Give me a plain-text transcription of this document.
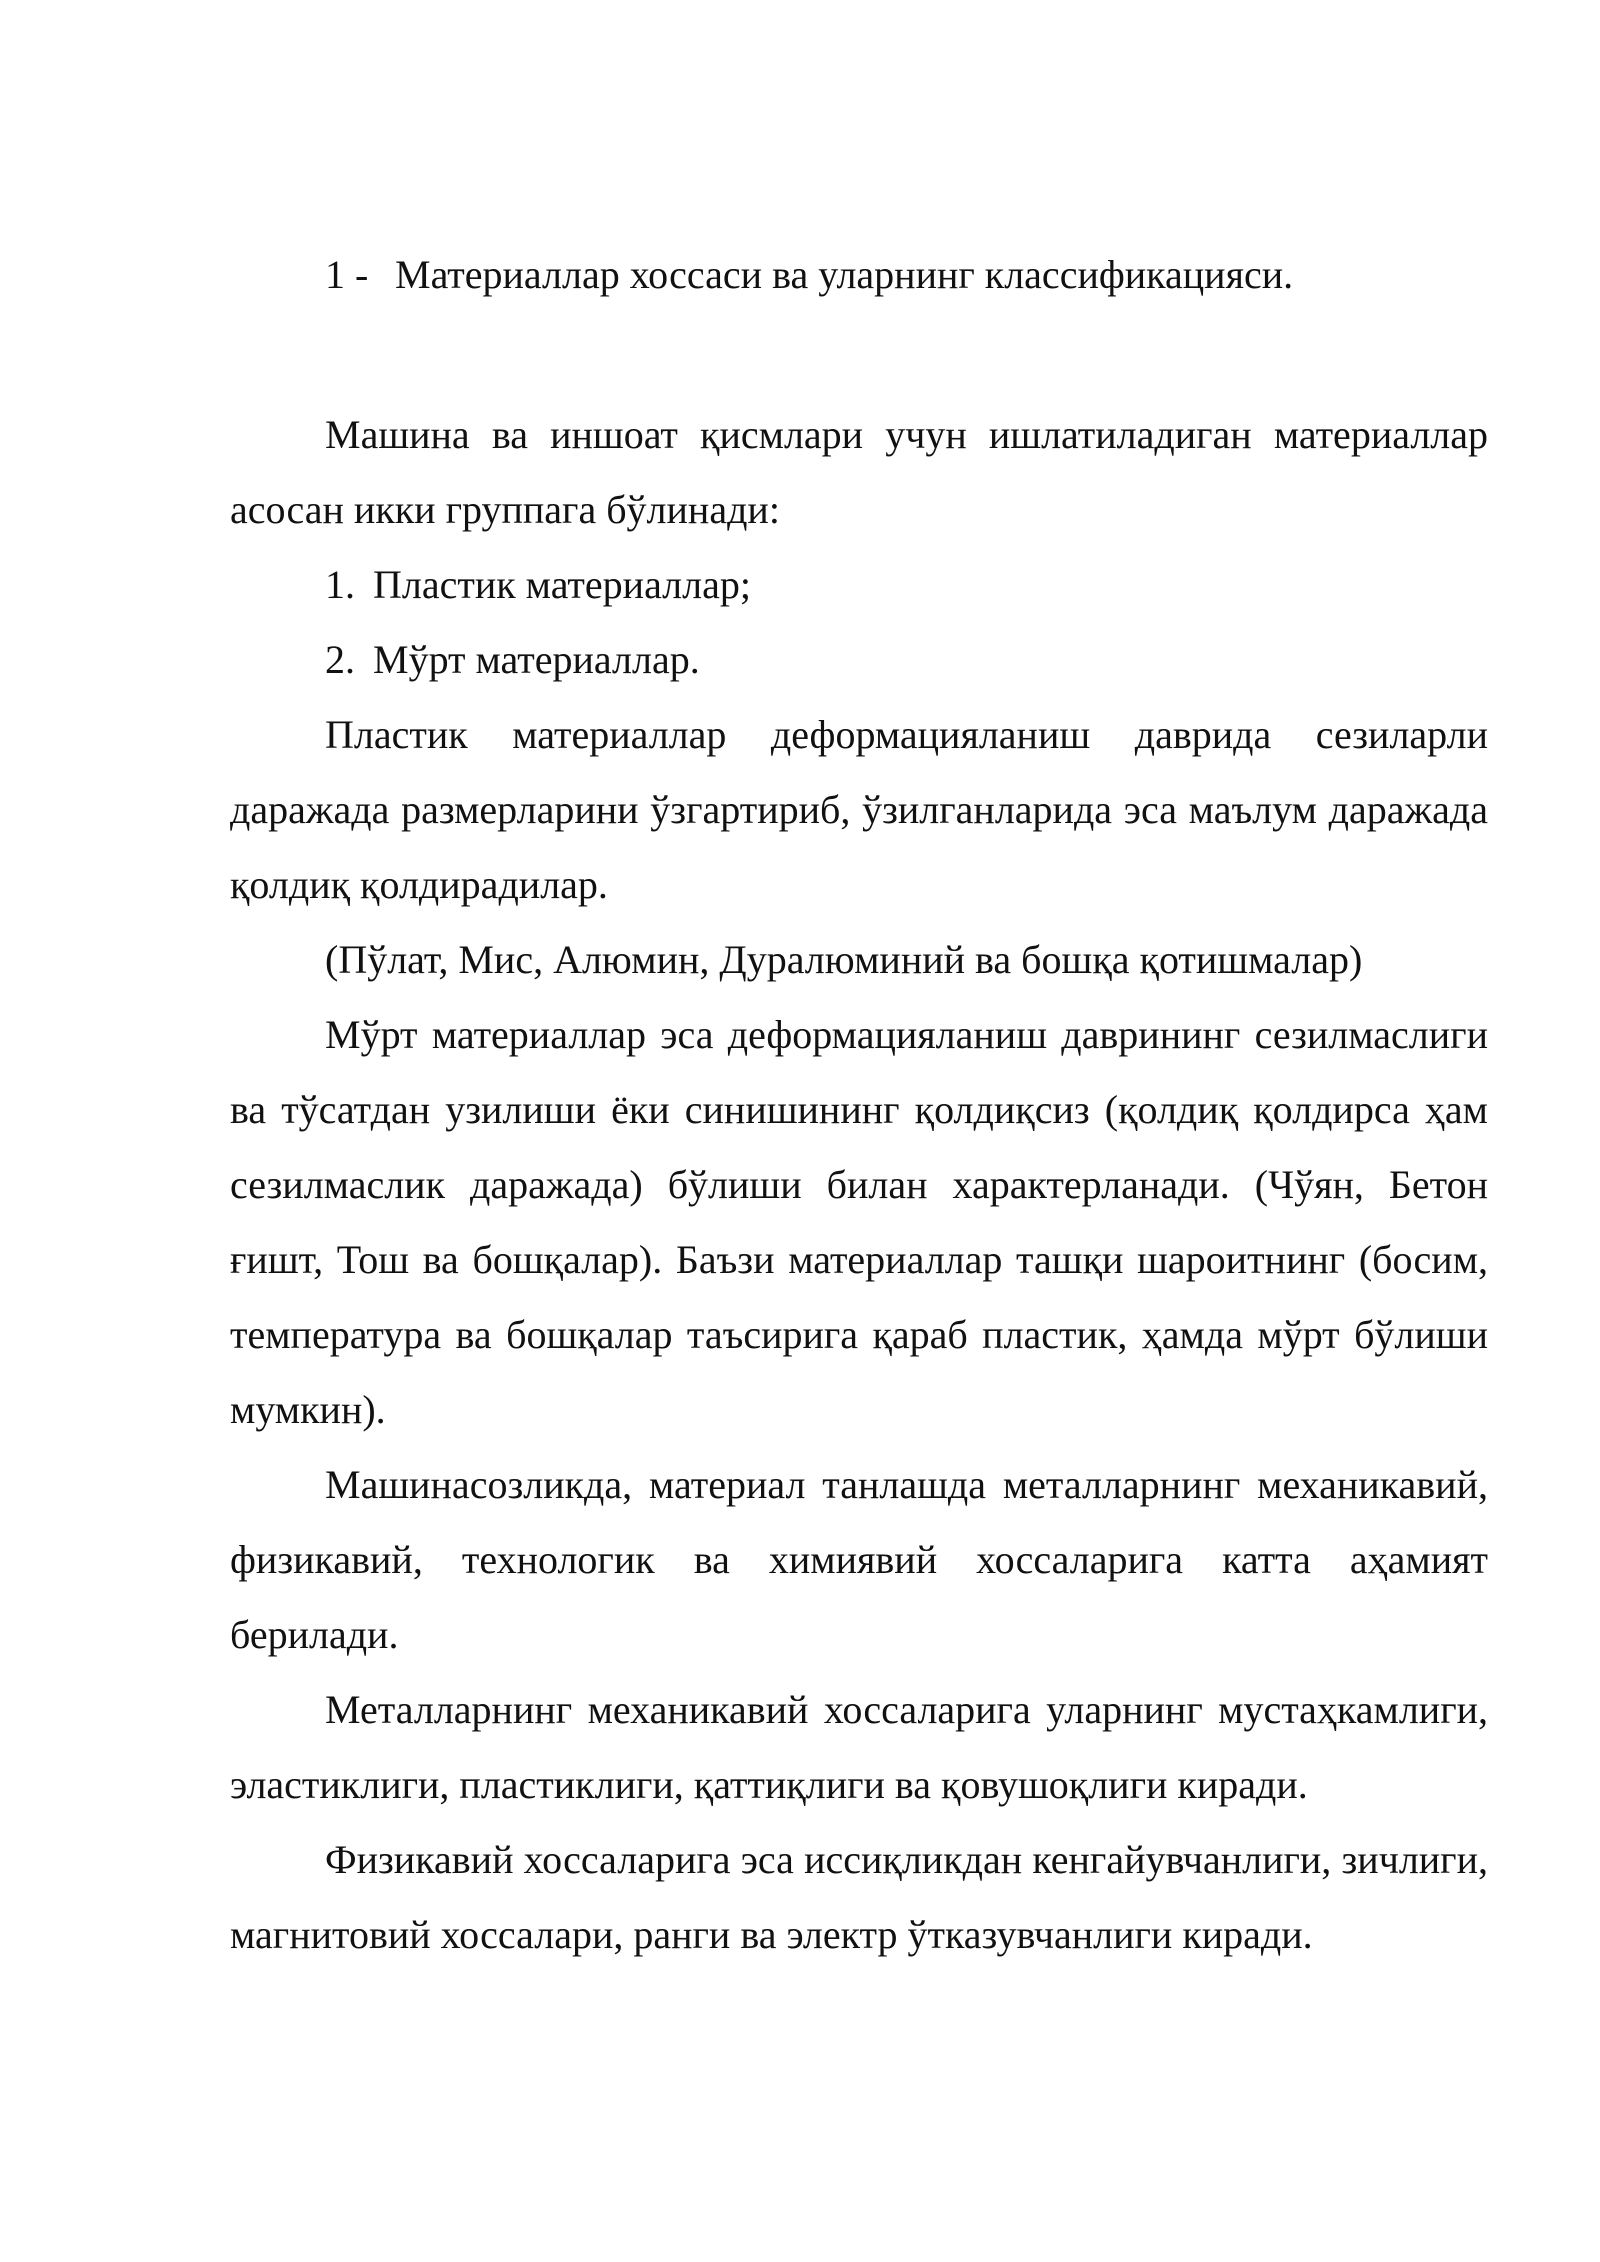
1 - Материаллар хоссаси ва уларнинг классификацияси.

Машина ва иншоат қисмлари учун ишлатиладиган материаллар асосан икки группага бўлинади:

1. Пластик материаллар;

2. Мўрт материаллар.

Пластик материаллар деформацияланиш даврида сезиларли даражада размерларини ўзгартириб, ўзилганларида эса маълум даражада қолдиқ қолдирадилар.

(Пўлат, Мис, Алюмин, Дуралюминий ва бошқа қотишмалар)

Мўрт материаллар эса деформацияланиш даврининг сезилмаслиги ва тўсатдан узилиши ёки синишининг қолдиқсиз (қолдиқ қолдирса ҳам сезилмаслик даражада) бўлиши билан характерланади. (Чўян, Бетон ғишт, Тош ва бошқалар). Баъзи материаллар ташқи шароитнинг (босим, температура ва бошқалар таъсирига қараб пластик, ҳамда мўрт бўлиши мумкин).

Машинасозликда, материал танлашда металларнинг механикавий, физикавий, технологик ва химиявий хоссаларига катта аҳамият берилади.

Металларнинг механикавий хоссаларига уларнинг мустаҳкамлиги, эластиклиги, пластиклиги, қаттиқлиги ва қовушоқлиги киради.

Физикавий хоссаларига эса иссиқликдан кенгайувчанлиги, зичлиги, магнитовий хоссалари, ранги ва электр ўтказувчанлиги киради.
